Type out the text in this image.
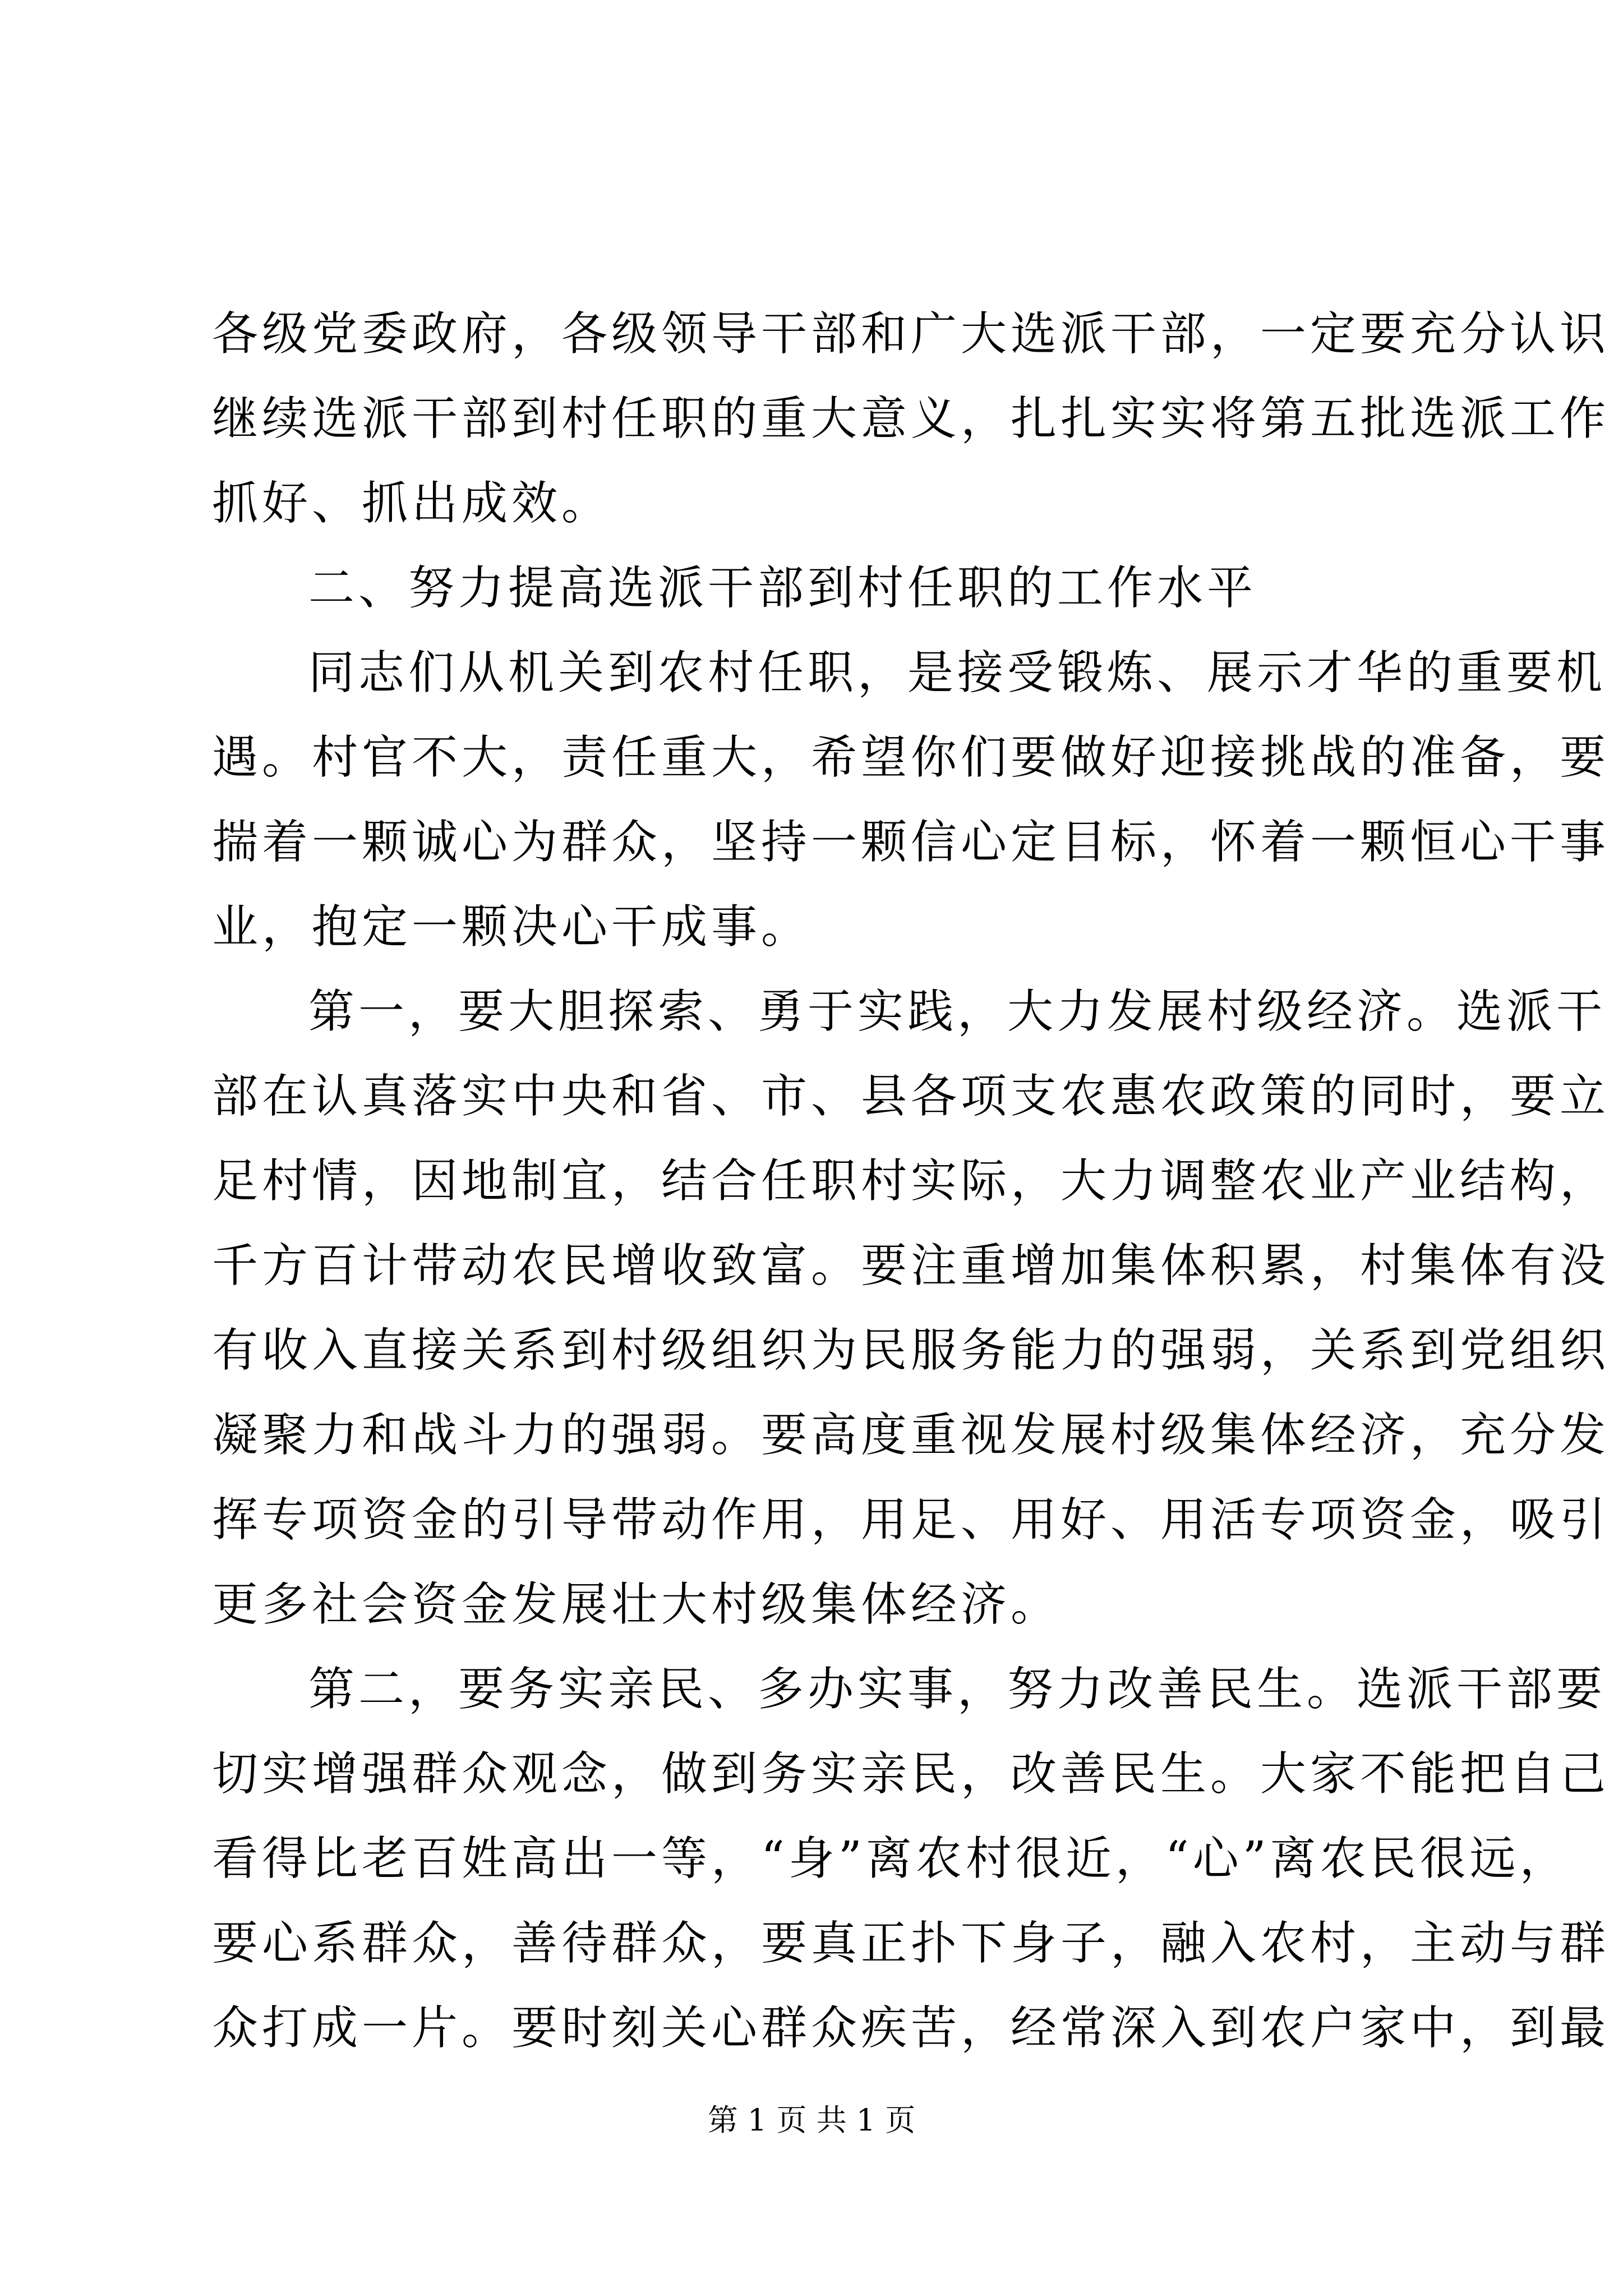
各级党委政府，各级领导干部和广大选派干部，一定要充分认识
继续选派干部到村任职的重大意义，扎扎实实将第五批选派工作
抓好、抓出成效。
二、努力提高选派干部到村任职的工作水平
同志们从机关到农村任职，是接受锻炼、展示才华的重要机
遇。村官不大，责任重大，希望你们要做好迎接挑战的准备，要
揣着一颗诚心为群众，坚持一颗信心定目标，怀着一颗恒心干事
业，抱定一颗决心干成事。
第一，要大胆探索、勇于实践，大力发展村级经济。选派干
部在认真落实中央和省、市、县各项支农惠农政策的同时，要立
足村情，因地制宜，结合任职村实际，大力调整农业产业结构，
千方百计带动农民增收致富。要注重增加集体积累，村集体有没
有收入直接关系到村级组织为民服务能力的强弱，关系到党组织
凝聚力和战斗力的强弱。要高度重视发展村级集体经济，充分发
挥专项资金的引导带动作用，用足、用好、用活专项资金，吸引
更多社会资金发展壮大村级集体经济。
第二，要务实亲民、多办实事，努力改善民生。选派干部要
切实增强群众观念，做到务实亲民，改善民生。大家不能把自己
看得比老百姓高出一等，“身”离农村很近，“心”离农民很远，
要心系群众，善待群众，要真正扑下身子，融入农村，主动与群
众打成一片。要时刻关心群众疾苦，经常深入到农户家中，到最
第 1 页 共 1 页
